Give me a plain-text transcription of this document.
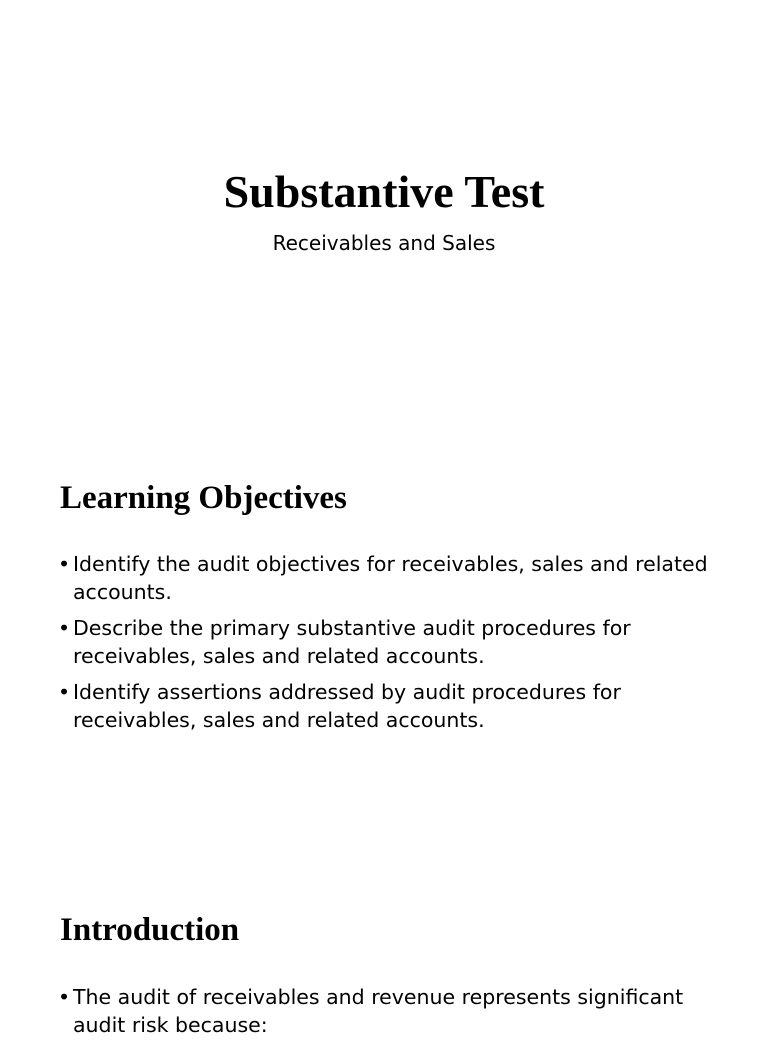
Substantive Test

Receivables and Sales

Learning Objectives
• Identify the audit objectives for receivables, sales and related accounts.
• Describe the primary substantive audit procedures for receivables, sales and related accounts.
• Identify assertions addressed by audit procedures for receivables, sales and related accounts.
Introduction
• The audit of receivables and revenue represents significant audit risk because:
